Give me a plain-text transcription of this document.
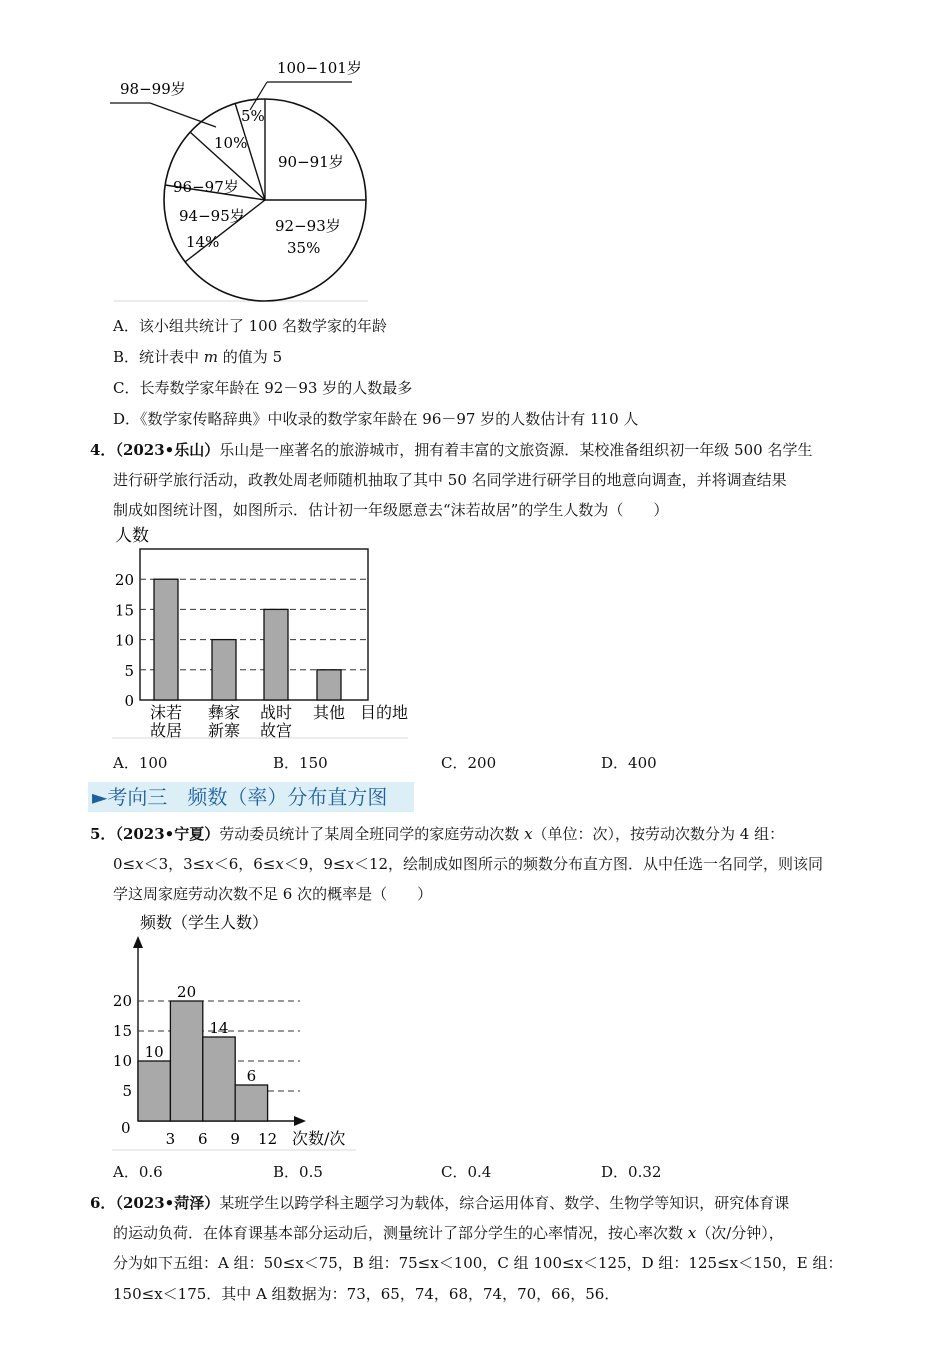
90−91岁
92−93岁
35%
94−95岁
14%
96−97岁
10%
98−99岁
5%
100−101岁
A．该小组共统计了 100 名数学家的年龄
B．统计表中 m 的值为 5
C．长寿数学家年龄在 92－93 岁的人数最多
D．《数学家传略辞典》中收录的数学家年龄在 96－97 岁的人数估计有 110 人
4．（2023•乐山）乐山是一座著名的旅游城市，拥有着丰富的文旅资源．某校准备组织初一年级 500 名学生
进行研学旅行活动，政教处周老师随机抽取了其中 50 名同学进行研学目的地意向调查，并将调查结果
制成如图统计图，如图所示．估计初一年级愿意去“沫若故居”的学生人数为（　　）
人数
目的地
0
5
10
15
20
沫若
故居
彝家
新寨
战时
故宫
其他
A．100	B．150	C．200	D．400
►考向三　频数（率）分布直方图
5．（2023•宁夏）劳动委员统计了某周全班同学的家庭劳动次数 x（单位：次），按劳动次数分为 4 组：
0≤x＜3，3≤x＜6，6≤x＜9，9≤x＜12，绘制成如图所示的频数分布直方图．从中任选一名同学，则该同
学这周家庭劳动次数不足 6 次的概率是（　　）
频数（学生人数）
次数/次
0
5
10
15
20
10
20
14
6
3 6 9 12
A．0.6	B．0.5	C．0.4	D．0.32
6．（2023•菏泽）某班学生以跨学科主题学习为载体，综合运用体育、数学、生物学等知识，研究体育课
的运动负荷．在体育课基本部分运动后，测量统计了部分学生的心率情况，按心率次数 x（次/分钟），
分为如下五组：A 组：50≤x＜75，B 组：75≤x＜100，C 组 100≤x＜125，D 组：125≤x＜150，E 组：
150≤x＜175．其中 A 组数据为：73，65，74，68，74，70，66，56．
